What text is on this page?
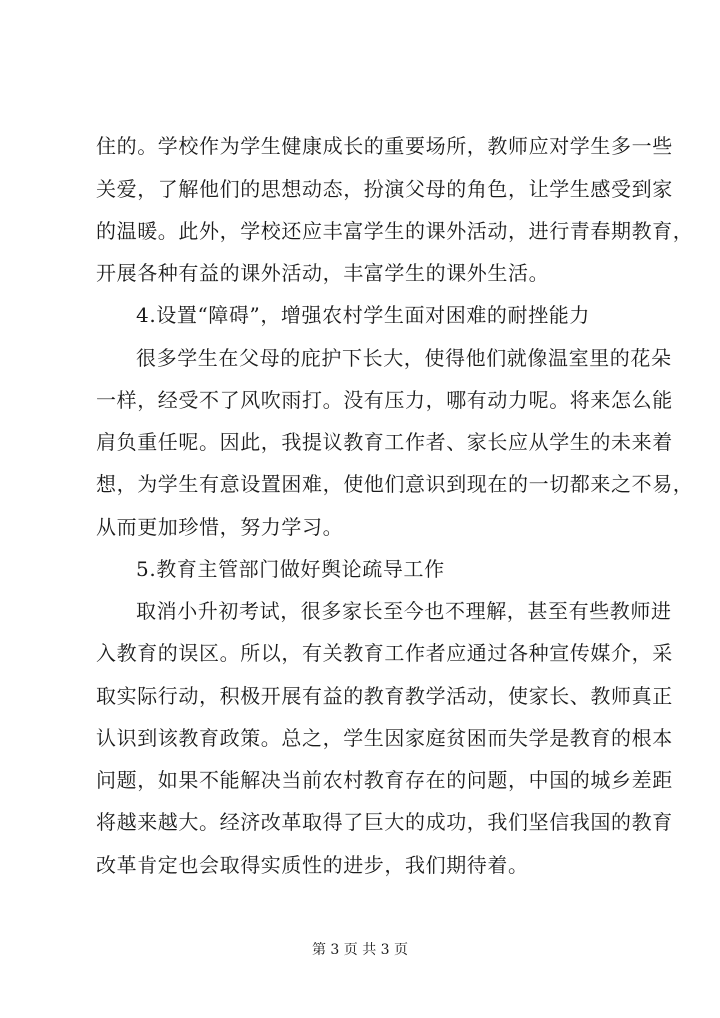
住的。学校作为学生健康成长的重要场所，教师应对学生多一些
关爱，了解他们的思想动态，扮演父母的角色，让学生感受到家
的温暖。此外，学校还应丰富学生的课外活动，进行青春期教育，
开展各种有益的课外活动，丰富学生的课外生活。
4.设置“障碍”，增强农村学生面对困难的耐挫能力
很多学生在父母的庇护下长大，使得他们就像温室里的花朵
一样，经受不了风吹雨打。没有压力，哪有动力呢。将来怎么能
肩负重任呢。因此，我提议教育工作者、家长应从学生的未来着
想，为学生有意设置困难，使他们意识到现在的一切都来之不易，
从而更加珍惜，努力学习。
5.教育主管部门做好舆论疏导工作
取消小升初考试，很多家长至今也不理解，甚至有些教师进
入教育的误区。所以，有关教育工作者应通过各种宣传媒介，采
取实际行动，积极开展有益的教育教学活动，使家长、教师真正
认识到该教育政策。总之，学生因家庭贫困而失学是教育的根本
问题，如果不能解决当前农村教育存在的问题，中国的城乡差距
将越来越大。经济改革取得了巨大的成功，我们坚信我国的教育
改革肯定也会取得实质性的进步，我们期待着。
第 3 页 共 3 页
